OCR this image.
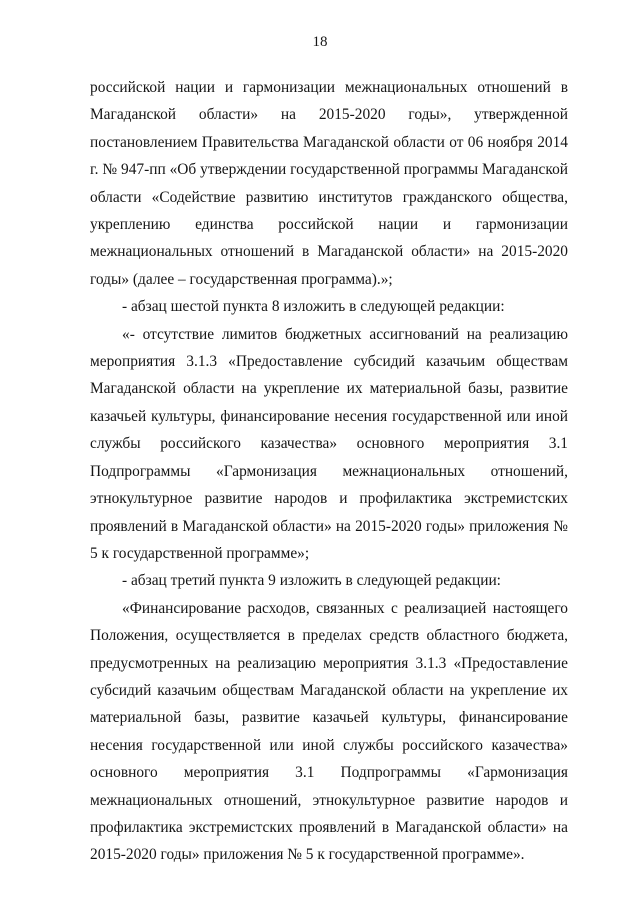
18

российской нации и гармонизации межнациональных отношений в Магаданской области» на 2015-2020 годы», утвержденной постановлением Правительства Магаданской области от 06 ноября 2014 г. № 947-пп «Об утверждении государственной программы Магаданской области «Содействие развитию институтов гражданского общества, укреплению единства российской нации и гармонизации межнациональных отношений в Магаданской области» на 2015-2020 годы» (далее – государственная программа).»;

- абзац шестой пункта 8 изложить в следующей редакции:

«- отсутствие лимитов бюджетных ассигнований на реализацию мероприятия 3.1.3 «Предоставление субсидий казачьим обществам Магаданской области на укрепление их материальной базы, развитие казачьей культуры, финансирование несения государственной или иной службы российского казачества» основного мероприятия 3.1 Подпрограммы «Гармонизация межнациональных отношений, этнокультурное развитие народов и профилактика экстремистских проявлений в Магаданской области» на 2015-2020 годы» приложения № 5 к государственной программе»;

- абзац третий пункта 9 изложить в следующей редакции:

«Финансирование расходов, связанных с реализацией настоящего Положения, осуществляется в пределах средств областного бюджета, предусмотренных на реализацию мероприятия 3.1.3 «Предоставление субсидий казачьим обществам Магаданской области на укрепление их материальной базы, развитие казачьей культуры, финансирование несения государственной или иной службы российского казачества» основного мероприятия 3.1 Подпрограммы «Гармонизация межнациональных отношений, этнокультурное развитие народов и профилактика экстремистских проявлений в Магаданской области» на 2015-2020 годы» приложения № 5 к государственной программе».
